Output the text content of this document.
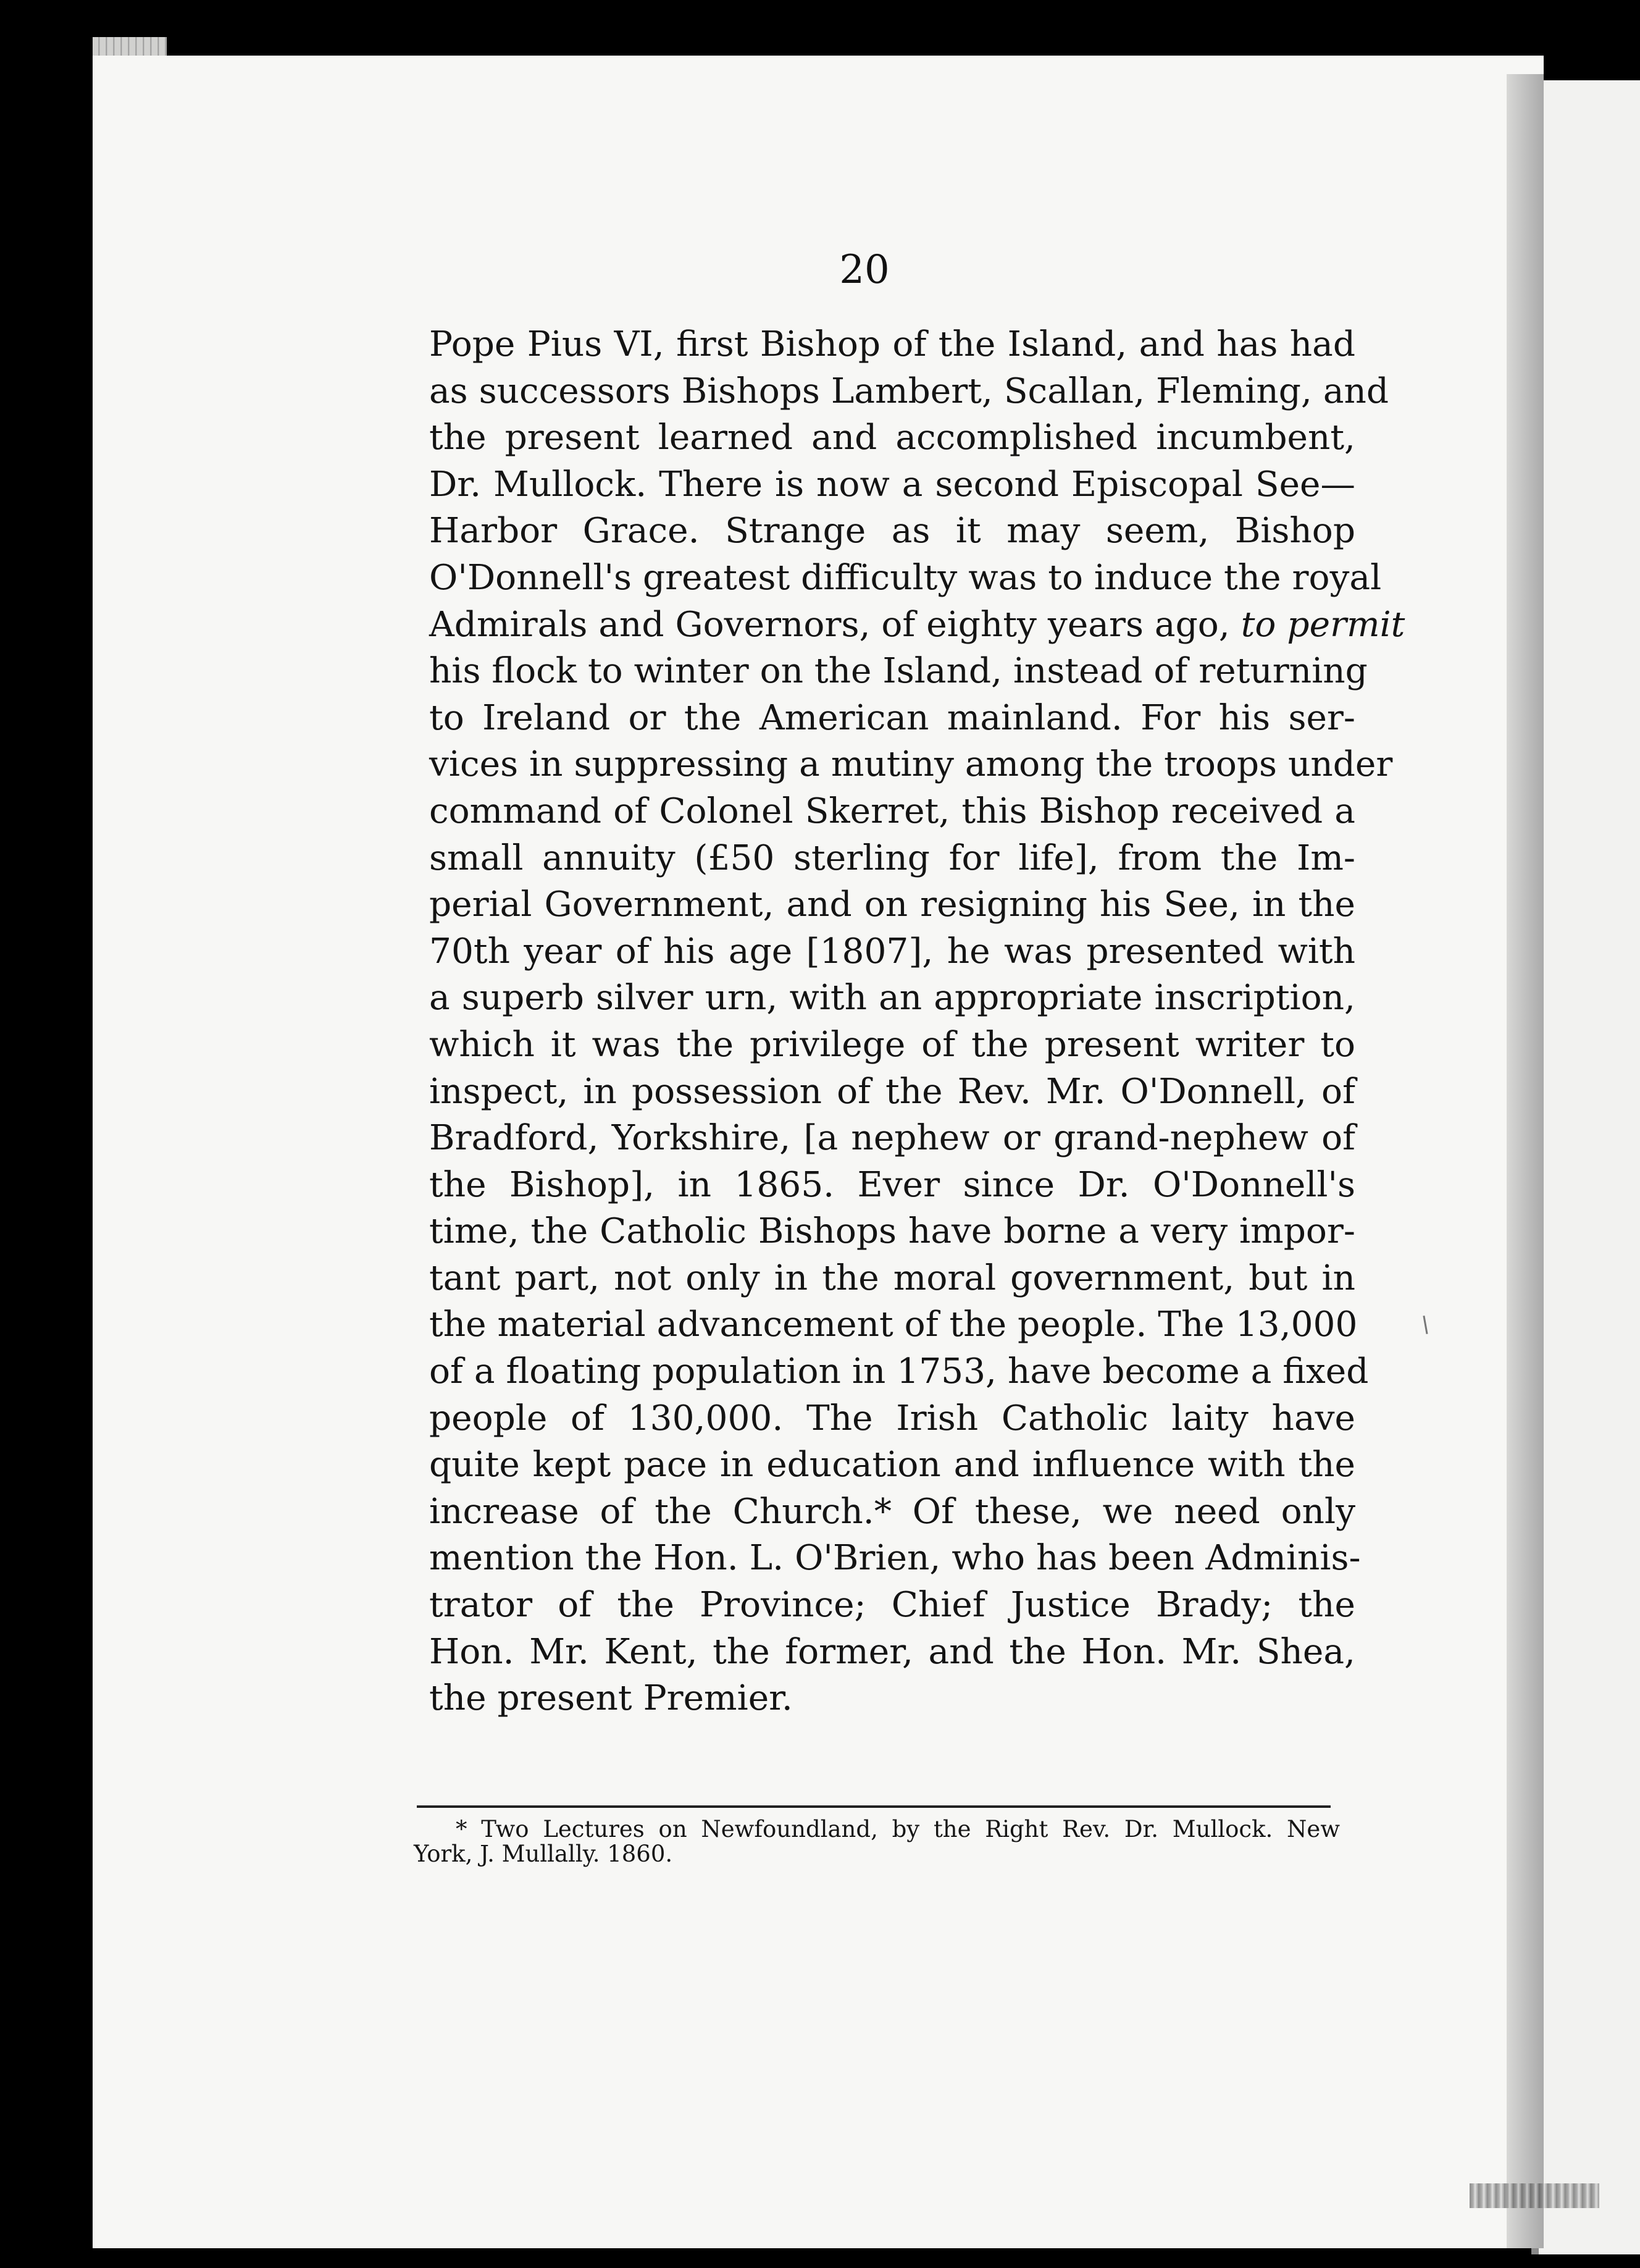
20
Pope Pius VI, first Bishop of the Island, and has had
as successors Bishops Lambert, Scallan, Fleming, and
the present learned and accomplished incumbent,
Dr. Mullock. There is now a second Episcopal See—
Harbor Grace. Strange as it may seem, Bishop
O'Donnell's greatest difficulty was to induce the royal
Admirals and Governors, of eighty years ago, to permit
his flock to winter on the Island, instead of returning
to Ireland or the American mainland. For his ser-
vices in suppressing a mutiny among the troops under
command of Colonel Skerret, this Bishop received a
small annuity (£50 sterling for life], from the Im-
perial Government, and on resigning his See, in the
70th year of his age [1807], he was presented with
a superb silver urn, with an appropriate inscription,
which it was the privilege of the present writer to
inspect, in possession of the Rev. Mr. O'Donnell, of
Bradford, Yorkshire, [a nephew or grand-nephew of
the Bishop], in 1865. Ever since Dr. O'Donnell's
time, the Catholic Bishops have borne a very impor-
tant part, not only in the moral government, but in
the material advancement of the people. The 13,000
of a floating population in 1753, have become a fixed
people of 130,000. The Irish Catholic laity have
quite kept pace in education and influence with the
increase of the Church.* Of these, we need only
mention the Hon. L. O'Brien, who has been Adminis-
trator of the Province; Chief Justice Brady; the
Hon. Mr. Kent, the former, and the Hon. Mr. Shea,
the present Premier.
* Two Lectures on Newfoundland, by the Right Rev. Dr. Mullock. New
York, J. Mullally. 1860.
